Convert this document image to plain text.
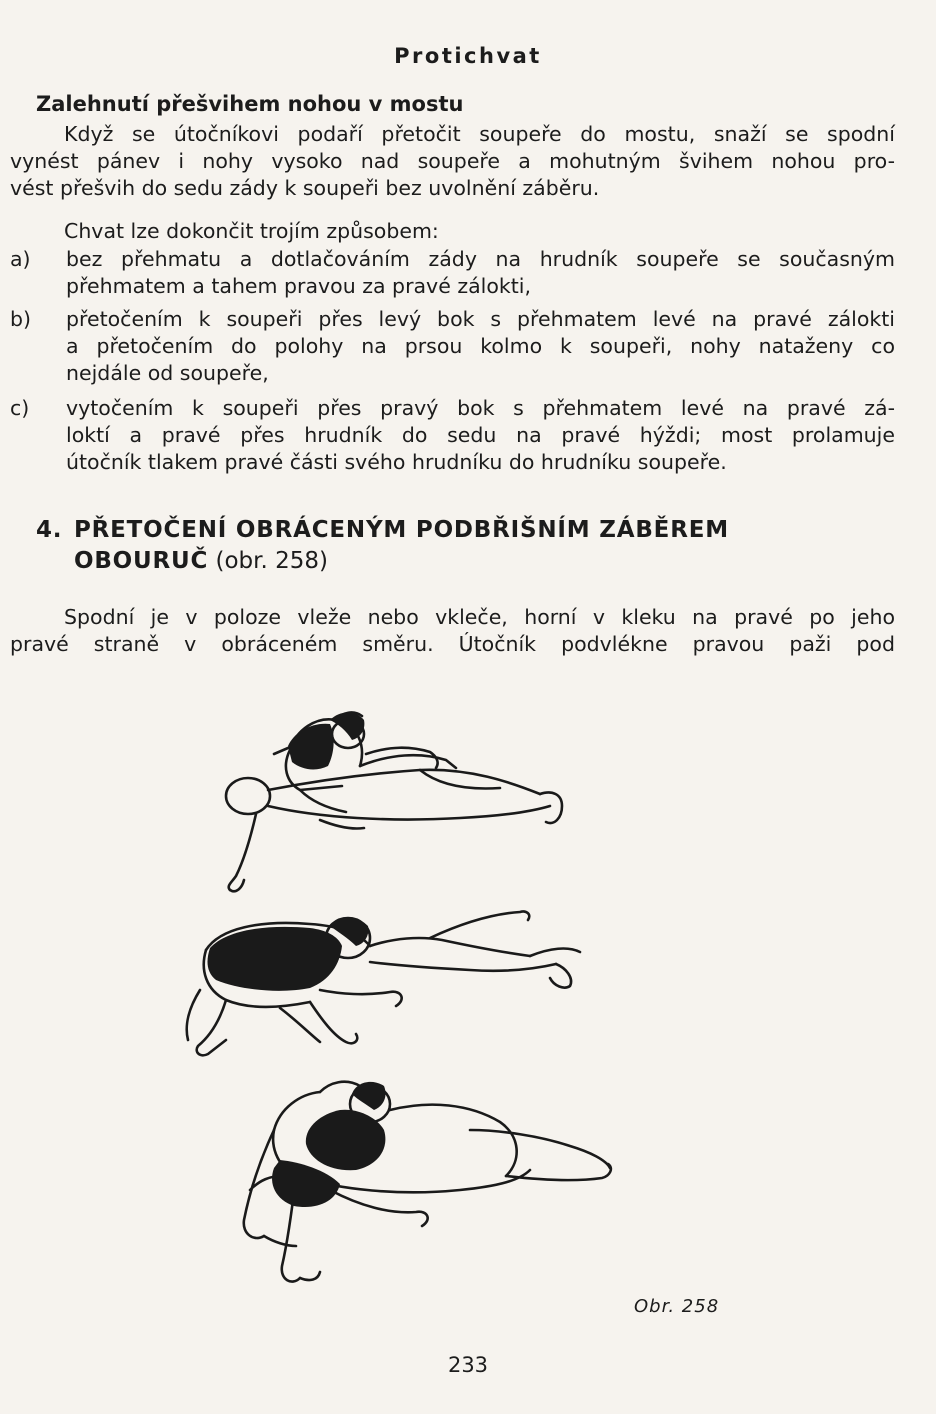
Protichvat
Zalehnutí přešvihem nohou v mostu

Když se útočníkovi podaří přetočit soupeře do mostu, snaží se spodní
vynést pánev i nohy vysoko nad soupeře a mohutným švihem nohou pro-
vést přešvih do sedu zády k soupeři bez uvolnění záběru.

Chvat lze dokončit trojím způsobem:

a) bez přehmatu a dotlačováním zády na hrudník soupeře se současným
přehmatem a tahem pravou za pravé zálokti,
b) přetočením k soupeři přes levý bok s přehmatem levé na pravé zálokti
a přetočením do polohy na prsou kolmo k soupeři, nohy nataženy co
nejdále od soupeře,
c) vytočením k soupeři přes pravý bok s přehmatem levé na pravé zá-
loktí a pravé přes hrudník do sedu na pravé hýždi; most prolamuje
útočník tlakem pravé části svého hrudníku do hrudníku soupeře.
4. PŘETOČENÍ OBRÁCENÝM PODBŘIŠNÍM ZÁBĚREM
OBOURUČ (obr. 258)

Spodní je v poloze vleže nebo vkleče, horní v kleku na pravé po jeho
pravé straně v obráceném směru. Útočník podvlékne pravou paži pod

Obr. 258
233
